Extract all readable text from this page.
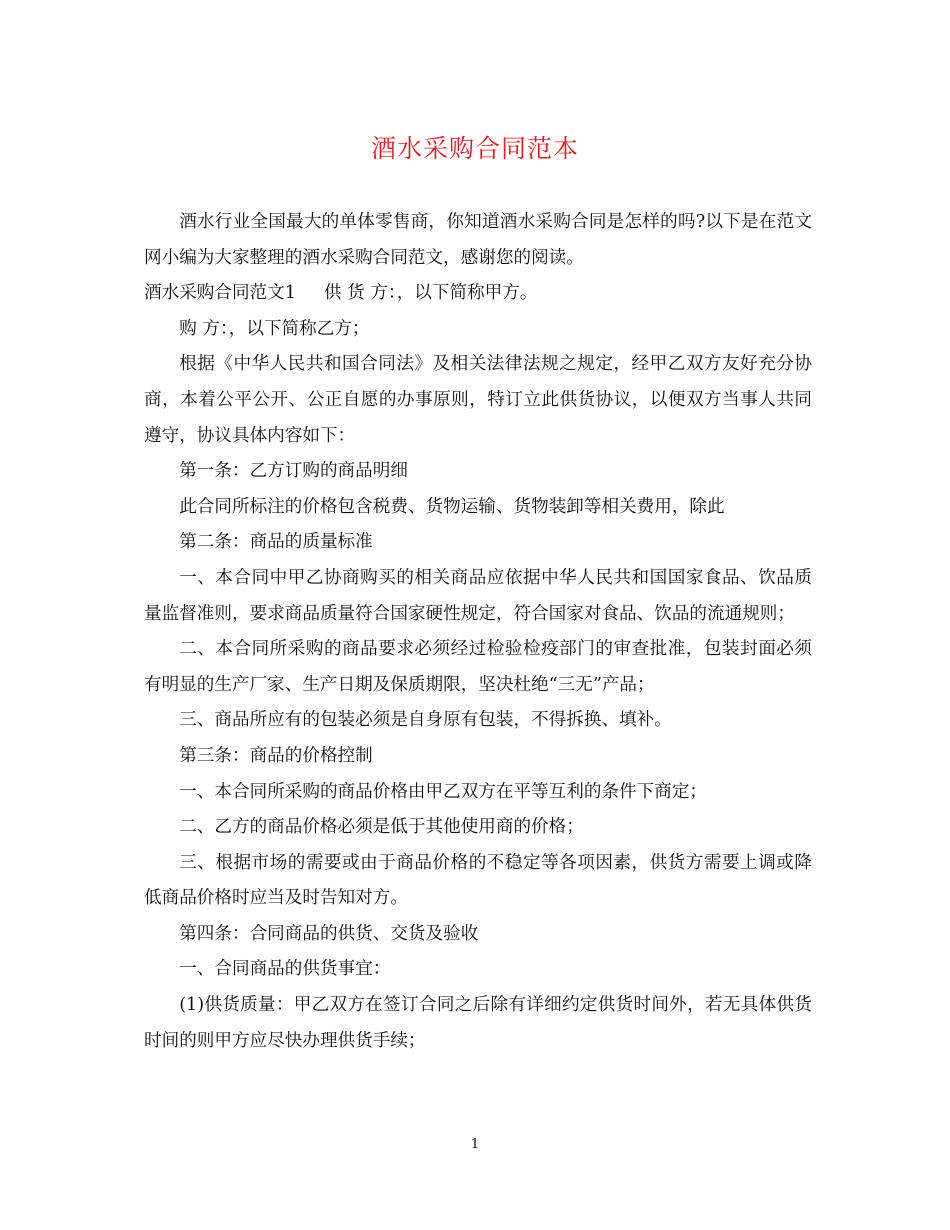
酒水采购合同范本

酒水行业全国最大的单体零售商，你知道酒水采购合同是怎样的吗?以下是在范文网小编为大家整理的酒水采购合同范文，感谢您的阅读。

酒水采购合同范文1 供 货 方：，以下简称甲方。

购 方：，以下简称乙方；

根据《中华人民共和国合同法》及相关法律法规之规定，经甲乙双方友好充分协商，本着公平公开、公正自愿的办事原则，特订立此供货协议，以便双方当事人共同遵守，协议具体内容如下：

第一条：乙方订购的商品明细

此合同所标注的价格包含税费、货物运输、货物装卸等相关费用，除此

第二条：商品的质量标准

一、本合同中甲乙协商购买的相关商品应依据中华人民共和国国家食品、饮品质量监督准则，要求商品质量符合国家硬性规定，符合国家对食品、饮品的流通规则；

二、本合同所采购的商品要求必须经过检验检疫部门的审查批准，包装封面必须有明显的生产厂家、生产日期及保质期限，坚决杜绝“三无”产品；

三、商品所应有的包装必须是自身原有包装，不得拆换、填补。

第三条：商品的价格控制

一、本合同所采购的商品价格由甲乙双方在平等互利的条件下商定；

二、乙方的商品价格必须是低于其他使用商的价格；

三、根据市场的需要或由于商品价格的不稳定等各项因素，供货方需要上调或降低商品价格时应当及时告知对方。

第四条：合同商品的供货、交货及验收

一、合同商品的供货事宜：

(1)供货质量：甲乙双方在签订合同之后除有详细约定供货时间外，若无具体供货时间的则甲方应尽快办理供货手续；

1
